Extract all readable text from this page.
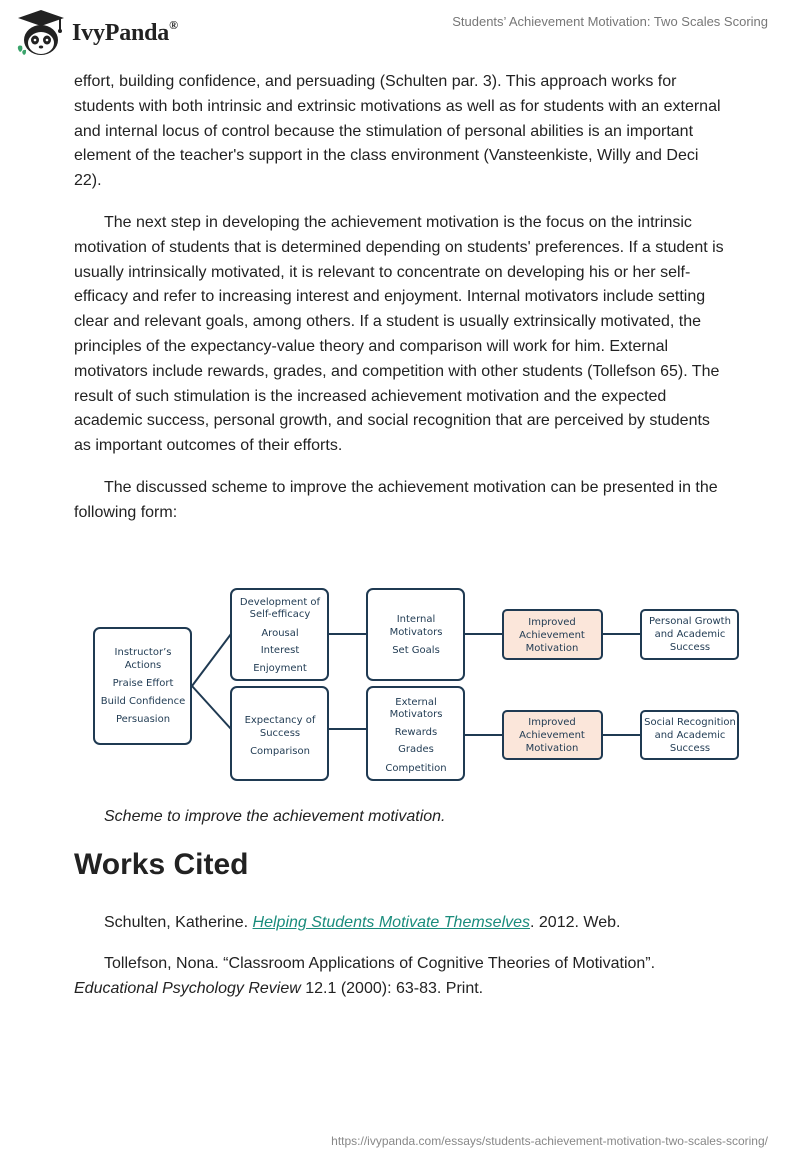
IvyPanda®	Students’ Achievement Motivation: Two Scales Scoring

effort, building confidence, and persuading (Schulten par. 3). This approach works for students with both intrinsic and extrinsic motivations as well as for students with an external and internal locus of control because the stimulation of personal abilities is an important element of the teacher's support in the class environment (Vansteenkiste, Willy and Deci 22).

The next step in developing the achievement motivation is the focus on the intrinsic motivation of students that is determined depending on students' preferences. If a student is usually intrinsically motivated, it is relevant to concentrate on developing his or her self-efficacy and refer to increasing interest and enjoyment. Internal motivators include setting clear and relevant goals, among others. If a student is usually extrinsically motivated, the principles of the expectancy-value theory and comparison will work for him. External motivators include rewards, grades, and competition with other students (Tollefson 65). The result of such stimulation is the increased achievement motivation and the expected academic success, personal growth, and social recognition that are perceived by students as important outcomes of their efforts.

The discussed scheme to improve the achievement motivation can be presented in the following form:

Instructor’s
Actions
Praise Effort
Build Confidence
Persuasion
Development of
Self-efficacy
Arousal
Interest
Enjoyment
Expectancy of
Success
Comparison
Internal
Motivators
Set Goals
External
Motivators
Rewards
Grades
Competition
Improved
Achievement
Motivation
Improved
Achievement
Motivation
Personal Growth
and Academic
Success
Social Recognition
and Academic
Success
Scheme to improve the achievement motivation.
Works Cited

Schulten, Katherine. Helping Students Motivate Themselves. 2012. Web.

Tollefson, Nona. “Classroom Applications of Cognitive Theories of Motivation”. Educational Psychology Review 12.1 (2000): 63-83. Print.

https://ivypanda.com/essays/students-achievement-motivation-two-scales-scoring/
